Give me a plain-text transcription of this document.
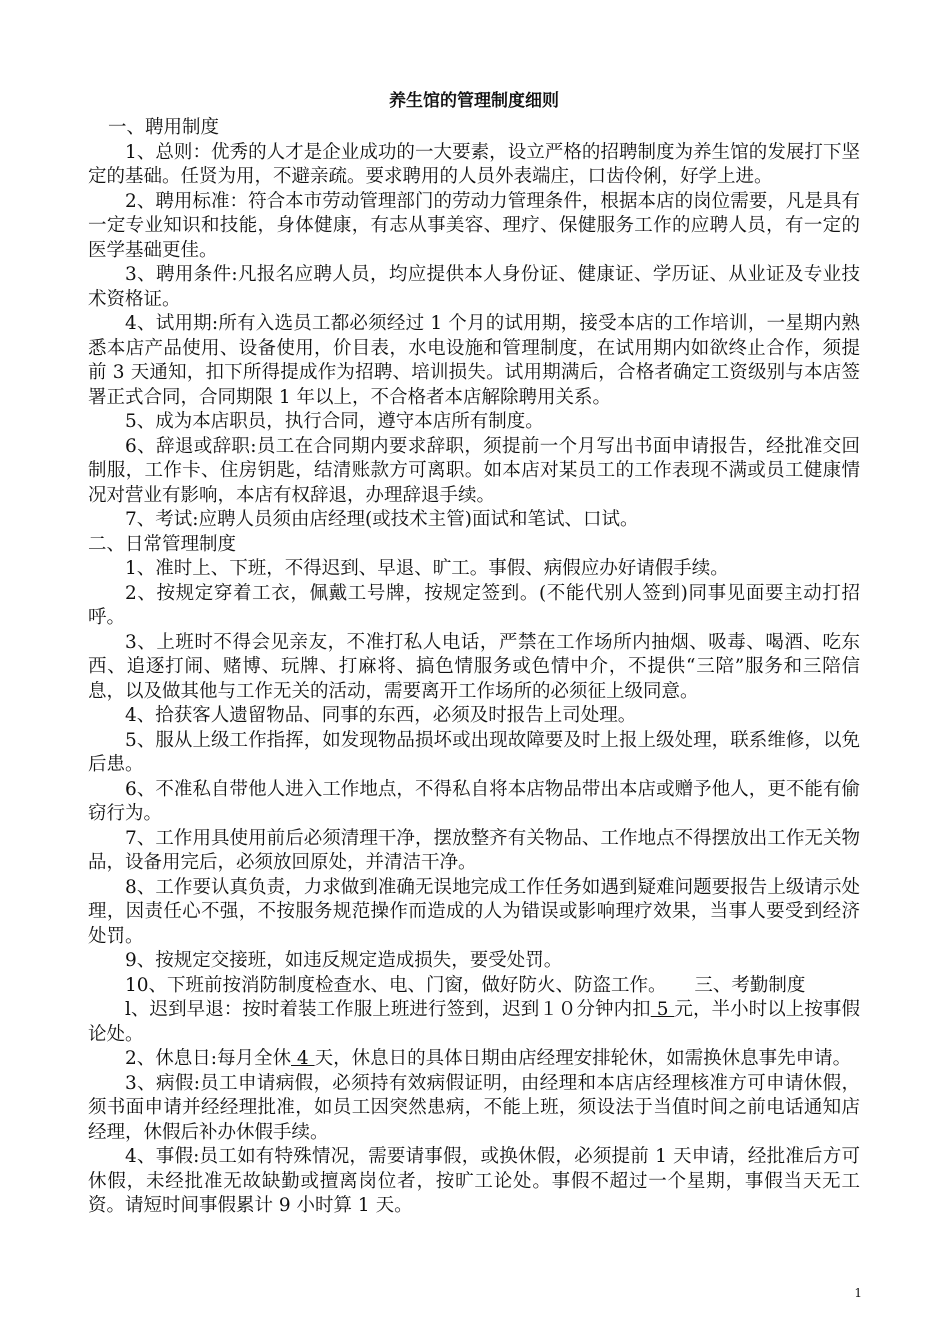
养生馆的管理制度细则

一、聘用制度

1、总则：优秀的人才是企业成功的一大要素，设立严格的招聘制度为养生馆的发展打下坚定的基础。任贤为用，不避亲疏。要求聘用的人员外表端庄，口齿伶俐，好学上进。

2、聘用标准：符合本市劳动管理部门的劳动力管理条件，根据本店的岗位需要，凡是具有一定专业知识和技能，身体健康，有志从事美容、理疗、保健服务工作的应聘人员，有一定的医学基础更佳。

3、聘用条件:凡报名应聘人员，均应提供本人身份证、健康证、学历证、从业证及专业技术资格证。

4、试用期:所有入选员工都必须经过 1 个月的试用期，接受本店的工作培训，一星期内熟悉本店产品使用、设备使用，价目表，水电设施和管理制度，在试用期内如欲终止合作，须提前 3 天通知，扣下所得提成作为招聘、培训损失。试用期满后，合格者确定工资级别与本店签署正式合同，合同期限 1 年以上，不合格者本店解除聘用关系。

5、成为本店职员，执行合同，遵守本店所有制度。

6、辞退或辞职:员工在合同期内要求辞职，须提前一个月写出书面申请报告，经批准交回制服，工作卡、住房钥匙，结清账款方可离职。如本店对某员工的工作表现不满或员工健康情况对营业有影响，本店有权辞退，办理辞退手续。

7、考试:应聘人员须由店经理(或技术主管)面试和笔试、口试。

二、日常管理制度

1、准时上、下班，不得迟到、早退、旷工。事假、病假应办好请假手续。

2、按规定穿着工衣，佩戴工号牌，按规定签到。(不能代别人签到)同事见面要主动打招呼。

3、上班时不得会见亲友，不准打私人电话，严禁在工作场所内抽烟、吸毒、喝酒、吃东西、追逐打闹、赌博、玩牌、打麻将、搞色情服务或色情中介，不提供“三陪”服务和三陪信息，以及做其他与工作无关的活动，需要离开工作场所的必须征上级同意。

4、拾获客人遗留物品、同事的东西，必须及时报告上司处理。

5、服从上级工作指挥，如发现物品损坏或出现故障要及时上报上级处理，联系维修，以免后患。

6、不准私自带他人进入工作地点，不得私自将本店物品带出本店或赠予他人，更不能有偷窃行为。

7、工作用具使用前后必须清理干净，摆放整齐有关物品、工作地点不得摆放出工作无关物品，设备用完后，必须放回原处，并清洁干净。

8、工作要认真负责，力求做到准确无误地完成工作任务如遇到疑难问题要报告上级请示处理，因责任心不强，不按服务规范操作而造成的人为错误或影响理疗效果，当事人要受到经济处罚。

9、按规定交接班，如违反规定造成损失，要受处罚。

10、下班前按消防制度检查水、电、门窗，做好防火、防盗工作。　　 三、考勤制度

l、迟到早退：按时着装工作服上班进行签到，迟到１０分钟内扣 5 元，半小时以上按事假论处。

2、休息日:每月全休 4 天，休息日的具体日期由店经理安排轮休，如需换休息事先申请。

3、病假:员工申请病假，必须持有效病假证明，由经理和本店店经理核准方可申请休假，须书面申请并经经理批准，如员工因突然患病，不能上班，须设法于当值时间之前电话通知店经理，休假后补办休假手续。

4、事假:员工如有特殊情况，需要请事假，或换休假，必须提前 1 天申请，经批准后方可休假，未经批准无故缺勤或擅离岗位者，按旷工论处。事假不超过一个星期，事假当天无工资。请短时间事假累计 9 小时算 1 天。

1
